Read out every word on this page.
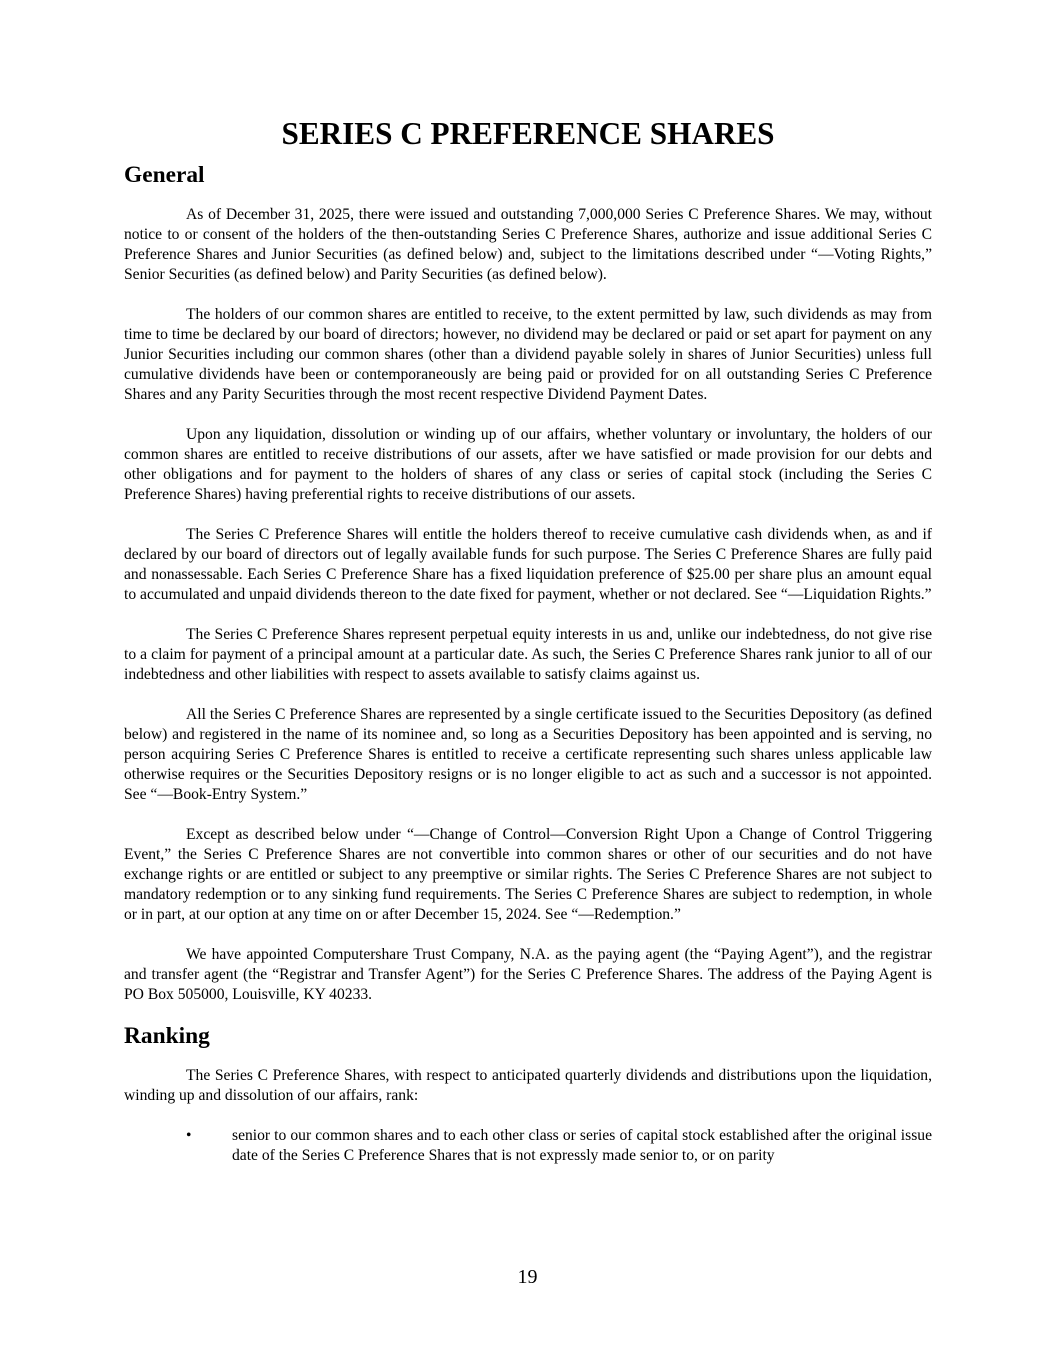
SERIES C PREFERENCE SHARES
General

As of December 31, 2025, there were issued and outstanding 7,000,000 Series C Preference Shares. We may, without notice to or consent of the holders of the then-outstanding Series C Preference Shares, authorize and issue additional Series C Preference Shares and Junior Securities (as defined below) and, subject to the limitations described under “—Voting Rights,” Senior Securities (as defined below) and Parity Securities (as defined below).

The holders of our common shares are entitled to receive, to the extent permitted by law, such dividends as may from time to time be declared by our board of directors; however, no dividend may be declared or paid or set apart for payment on any Junior Securities including our common shares (other than a dividend payable solely in shares of Junior Securities) unless full cumulative dividends have been or contemporaneously are being paid or provided for on all outstanding Series C Preference Shares and any Parity Securities through the most recent respective Dividend Payment Dates.

Upon any liquidation, dissolution or winding up of our affairs, whether voluntary or involuntary, the holders of our common shares are entitled to receive distributions of our assets, after we have satisfied or made provision for our debts and other obligations and for payment to the holders of shares of any class or series of capital stock (including the Series C Preference Shares) having preferential rights to receive distributions of our assets.

The Series C Preference Shares will entitle the holders thereof to receive cumulative cash dividends when, as and if declared by our board of directors out of legally available funds for such purpose. The Series C Preference Shares are fully paid and nonassessable. Each Series C Preference Share has a fixed liquidation preference of $25.00 per share plus an amount equal to accumulated and unpaid dividends thereon to the date fixed for payment, whether or not declared. See “—Liquidation Rights.”

The Series C Preference Shares represent perpetual equity interests in us and, unlike our indebtedness, do not give rise to a claim for payment of a principal amount at a particular date. As such, the Series C Preference Shares rank junior to all of our indebtedness and other liabilities with respect to assets available to satisfy claims against us.

All the Series C Preference Shares are represented by a single certificate issued to the Securities Depository (as defined below) and registered in the name of its nominee and, so long as a Securities Depository has been appointed and is serving, no person acquiring Series C Preference Shares is entitled to receive a certificate representing such shares unless applicable law otherwise requires or the Securities Depository resigns or is no longer eligible to act as such and a successor is not appointed. See “—Book-Entry System.”

Except as described below under “—Change of Control—Conversion Right Upon a Change of Control Triggering Event,” the Series C Preference Shares are not convertible into common shares or other of our securities and do not have exchange rights or are entitled or subject to any preemptive or similar rights. The Series C Preference Shares are not subject to mandatory redemption or to any sinking fund requirements. The Series C Preference Shares are subject to redemption, in whole or in part, at our option at any time on or after December 15, 2024. See “—Redemption.”

We have appointed Computershare Trust Company, N.A. as the paying agent (the “Paying Agent”), and the registrar and transfer agent (the “Registrar and Transfer Agent”) for the Series C Preference Shares. The address of the Paying Agent is PO Box 505000, Louisville, KY 40233.

Ranking

The Series C Preference Shares, with respect to anticipated quarterly dividends and distributions upon the liquidation, winding up and dissolution of our affairs, rank:

•	senior to our common shares and to each other class or series of capital stock established after the original issue date of the Series C Preference Shares that is not expressly made senior to, or on parity
19
